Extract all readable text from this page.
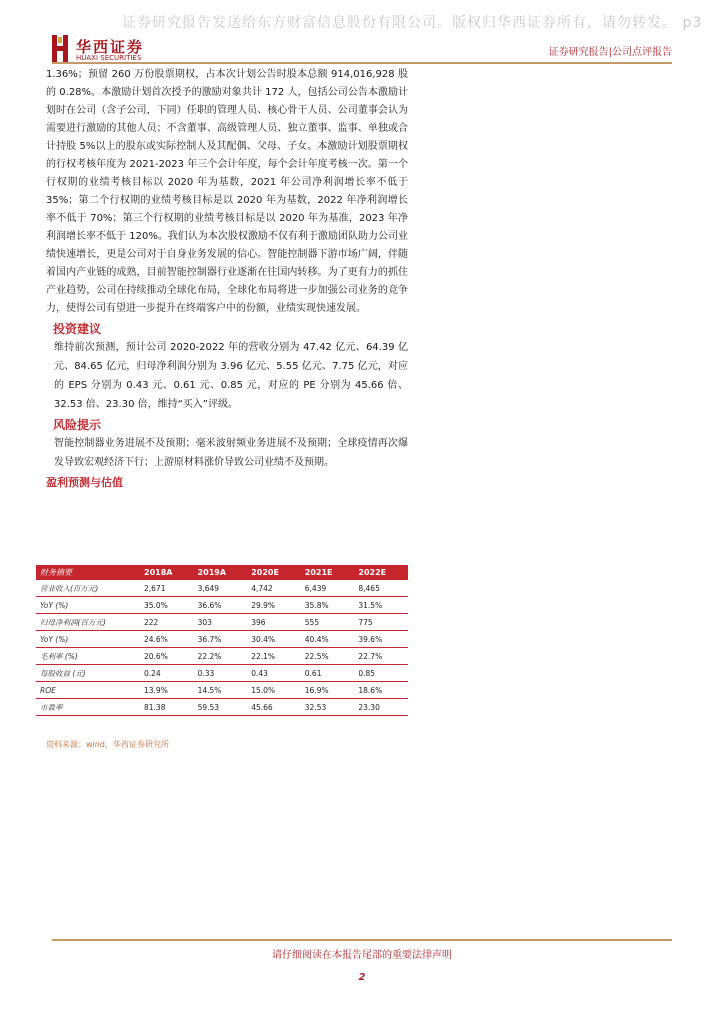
证券研究报告发送给东方财富信息股份有限公司。版权归华西证券所有，请勿转发。 p3
华西证券
HUAXI SECURITIES	证券研究报告|公司点评报告

1.36%；预留 260 万份股票期权，占本次计划公告时股本总额 914,016,928 股的 0.28%。本激励计划首次授予的激励对象共计 172 人，包括公司公告本激励计划时在公司（含子公司，下同）任职的管理人员、核心骨干人员、公司董事会认为需要进行激励的其他人员；不含董事、高级管理人员、独立董事、监事、单独或合计持股 5%以上的股东或实际控制人及其配偶、父母、子女。本激励计划股票期权的行权考核年度为 2021-2023 年三个会计年度，每个会计年度考核一次。第一个行权期的业绩考核目标以 2020 年为基数，2021 年公司净利润增长率不低于 35%；第二个行权期的业绩考核目标是以 2020 年为基数，2022 年净利润增长率不低于 70%；第三个行权期的业绩考核目标是以 2020 年为基准，2023 年净利润增长率不低于 120%。我们认为本次股权激励不仅有利于激励团队助力公司业绩快速增长，更是公司对于自身业务发展的信心。智能控制器下游市场广阔，伴随着国内产业链的成熟，目前智能控制器行业逐渐在往国内转移。为了更有力的抓住产业趋势，公司在持续推动全球化布局，全球化布局将进一步加强公司业务的竞争力，使得公司有望进一步提升在终端客户中的份额，业绩实现快速发展。

投资建议

维持前次预测，预计公司 2020-2022 年的营收分别为 47.42 亿元、64.39 亿元、84.65 亿元，归母净利润分别为 3.96 亿元、5.55 亿元、7.75 亿元，对应的 EPS 分别为 0.43 元、0.61 元、0.85 元，对应的 PE 分别为 45.66 倍、32.53 倍、23.30 倍，维持“买入”评级。

风险提示

智能控制器业务进展不及预期；毫米波射频业务进展不及预期；全球疫情再次爆发导致宏观经济下行；上游原材料涨价导致公司业绩不及预期。

盈利预测与估值
财务摘要	2018A	2019A	2020E	2021E	2022E
营业收入(百万元)	2,671	3,649	4,742	6,439	8,465
YoY (%)	35.0%	36.6%	29.9%	35.8%	31.5%
归母净利润(百万元)	222	303	396	555	775
YoY (%)	24.6%	36.7%	30.4%	40.4%	39.6%
毛利率 (%)	20.6%	22.2%	22.1%	22.5%	22.7%
每股收益 (元)	0.24	0.33	0.43	0.61	0.85
ROE	13.9%	14.5%	15.0%	16.9%	18.6%
市盈率	81.38	59.53	45.66	32.53	23.30
资料来源：wind，华西证券研究所
请仔细阅读在本报告尾部的重要法律声明
2
